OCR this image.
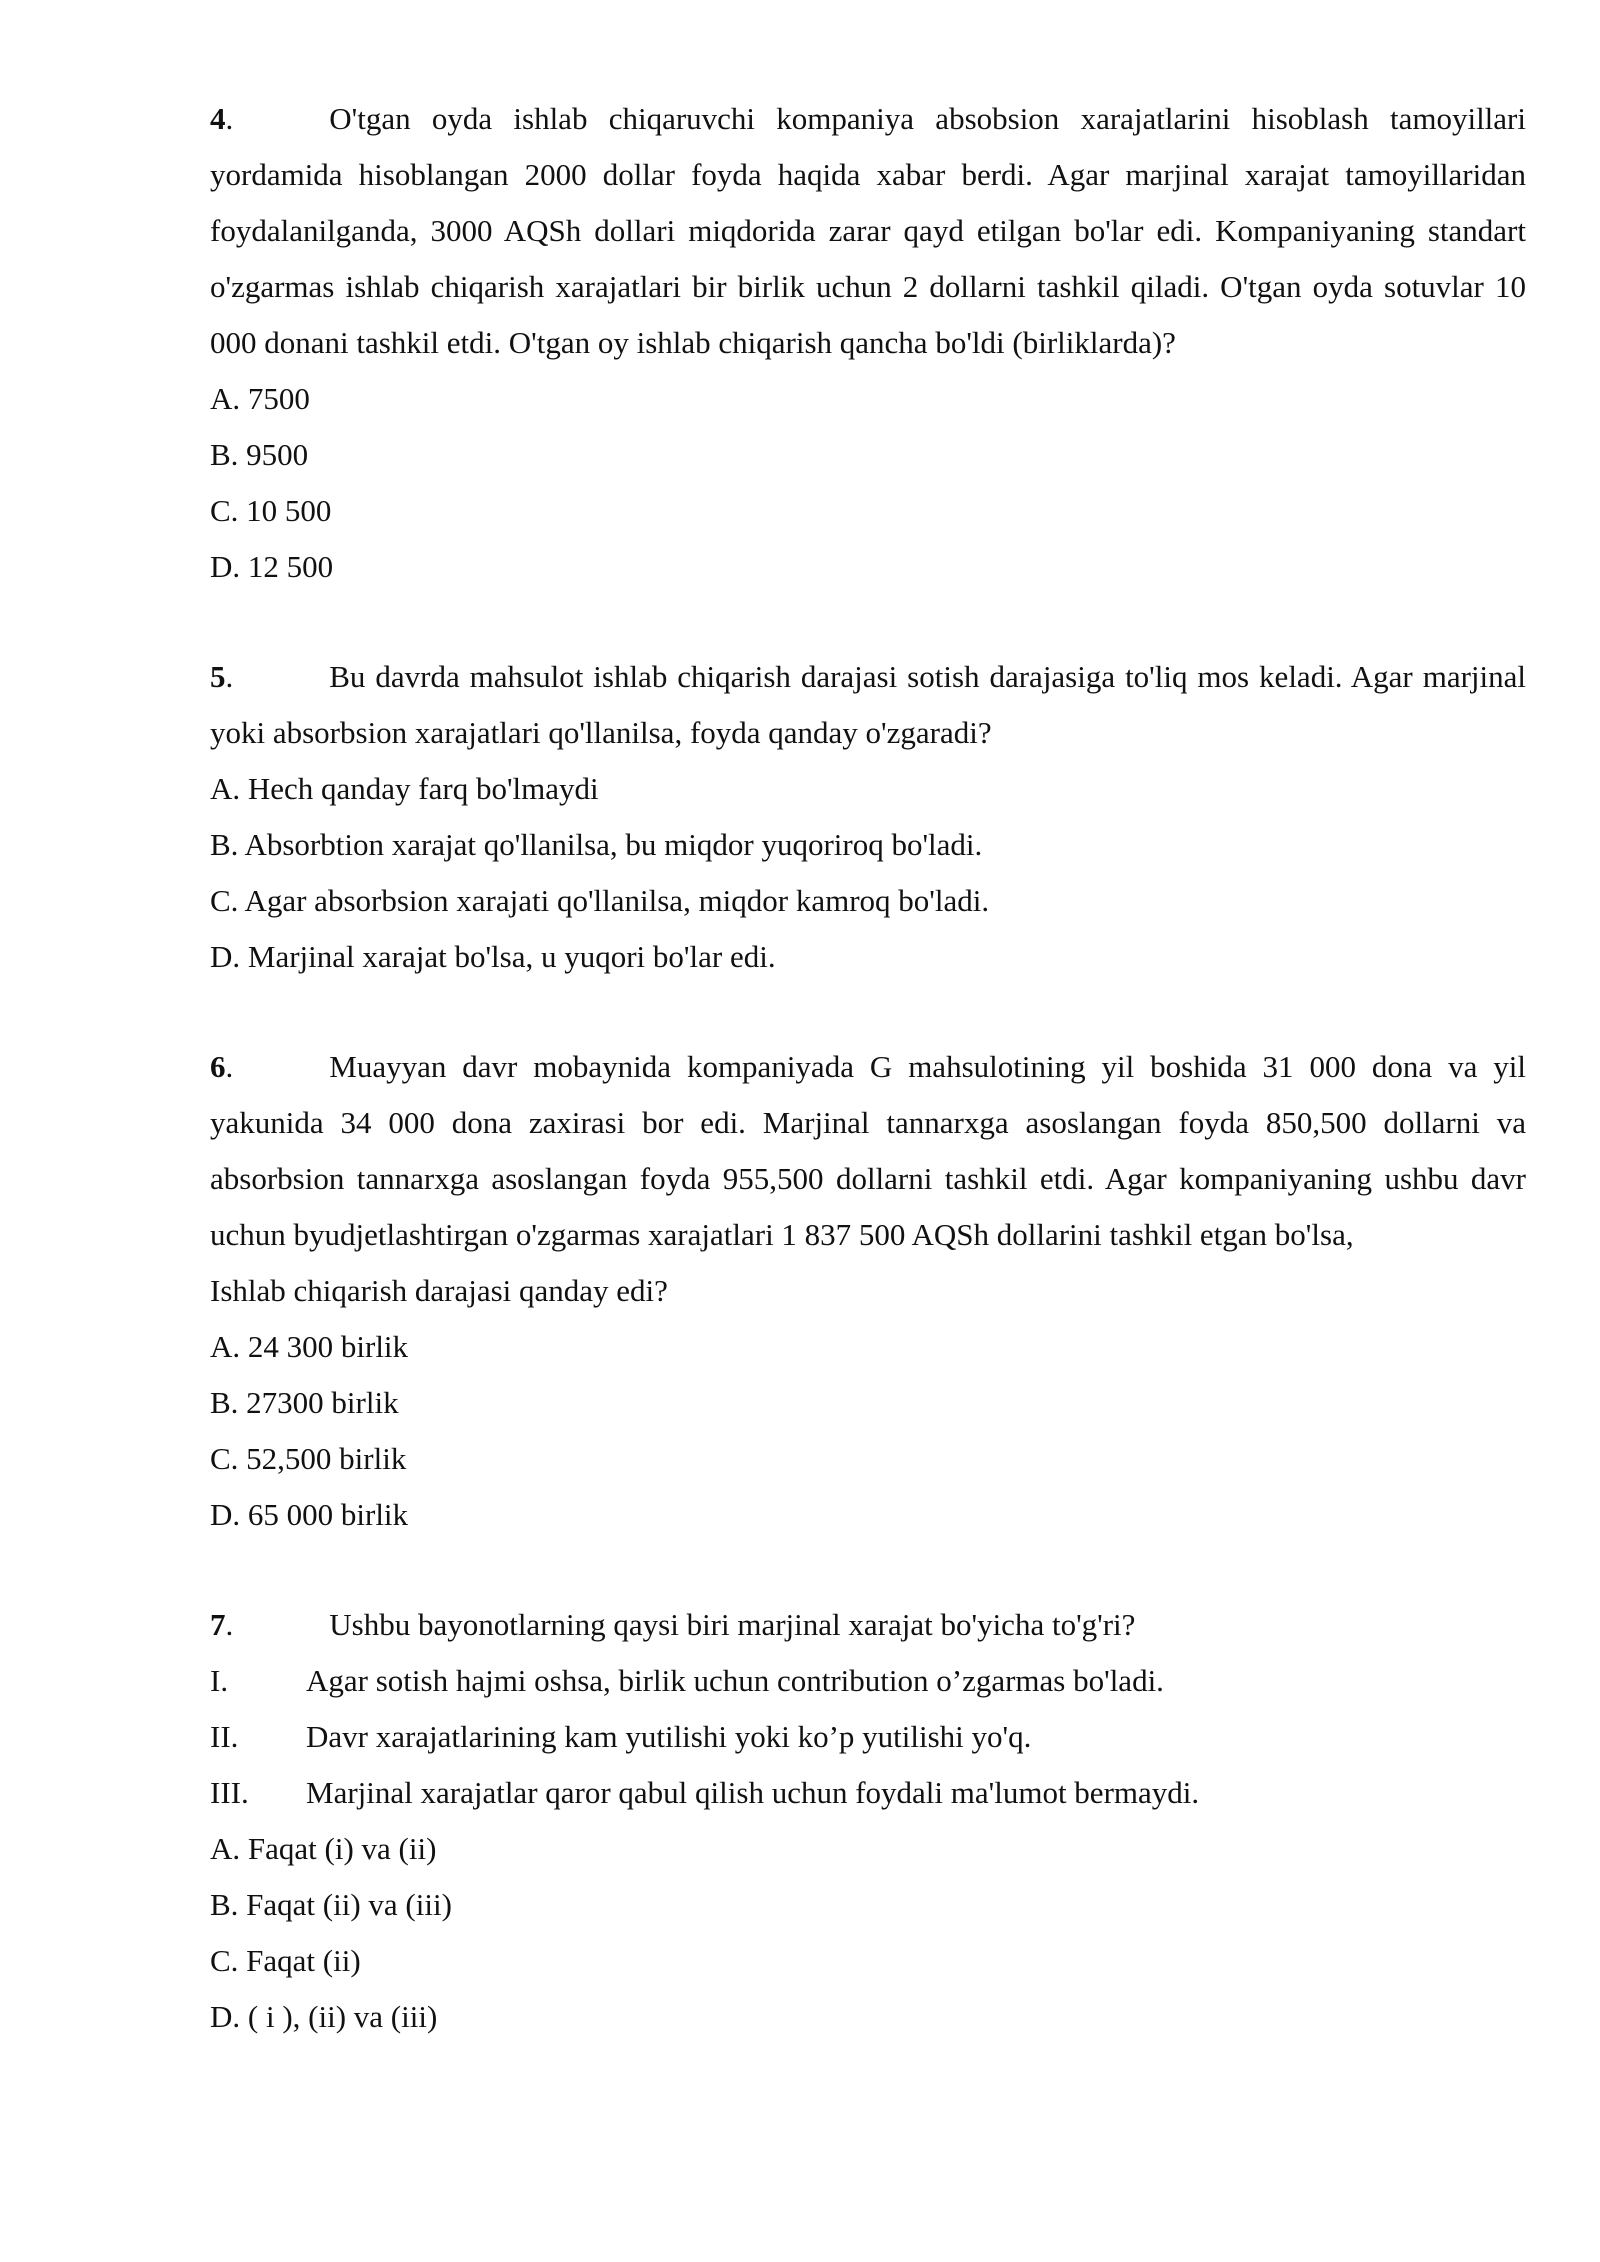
4.	O'tgan oyda ishlab chiqaruvchi kompaniya absobsion xarajatlarini hisoblash tamoyillari yordamida hisoblangan 2000 dollar foyda haqida xabar berdi. Agar marjinal xarajat tamoyillaridan foydalanilganda, 3000 AQSh dollari miqdorida zarar qayd etilgan bo'lar edi. Kompaniyaning standart o'zgarmas ishlab chiqarish xarajatlari bir birlik uchun 2 dollarni tashkil qiladi. O'tgan oyda sotuvlar 10 000 donani tashkil etdi. O'tgan oy ishlab chiqarish qancha bo'ldi (birliklarda)?

A. 7500

B. 9500

C. 10 500

D. 12 500

5.	Bu davrda mahsulot ishlab chiqarish darajasi sotish darajasiga to'liq mos keladi. Agar marjinal yoki absorbsion xarajatlari qo'llanilsa, foyda qanday o'zgaradi?

A. Hech qanday farq bo'lmaydi

B. Absorbtion xarajat qo'llanilsa, bu miqdor yuqoriroq bo'ladi.

C. Agar absorbsion xarajati qo'llanilsa, miqdor kamroq bo'ladi.

D. Marjinal xarajat bo'lsa, u yuqori bo'lar edi.

6.	Muayyan davr mobaynida kompaniyada G mahsulotining yil boshida 31 000 dona va yil yakunida 34 000 dona zaxirasi bor edi. Marjinal tannarxga asoslangan foyda 850,500 dollarni va absorbsion tannarxga asoslangan foyda 955,500 dollarni tashkil etdi. Agar kompaniyaning ushbu davr uchun byudjetlashtirgan o'zgarmas xarajatlari 1 837 500 AQSh dollarini tashkil etgan bo'lsa,

Ishlab chiqarish darajasi qanday edi?

A. 24 300 birlik

B. 27300 birlik

C. 52,500 birlik

D. 65 000 birlik

7.	Ushbu bayonotlarning qaysi biri marjinal xarajat bo'yicha to'g'ri?

I.	Agar sotish hajmi oshsa, birlik uchun contribution o’zgarmas bo'ladi.

II. Davr xarajatlarining kam yutilishi yoki ko’p yutilishi yo'q.

III. Marjinal xarajatlar qaror qabul qilish uchun foydali ma'lumot bermaydi.

A. Faqat (i) va (ii)

B. Faqat (ii) va (iii)

C. Faqat (ii)

D. ( i ), (ii) va (iii)
